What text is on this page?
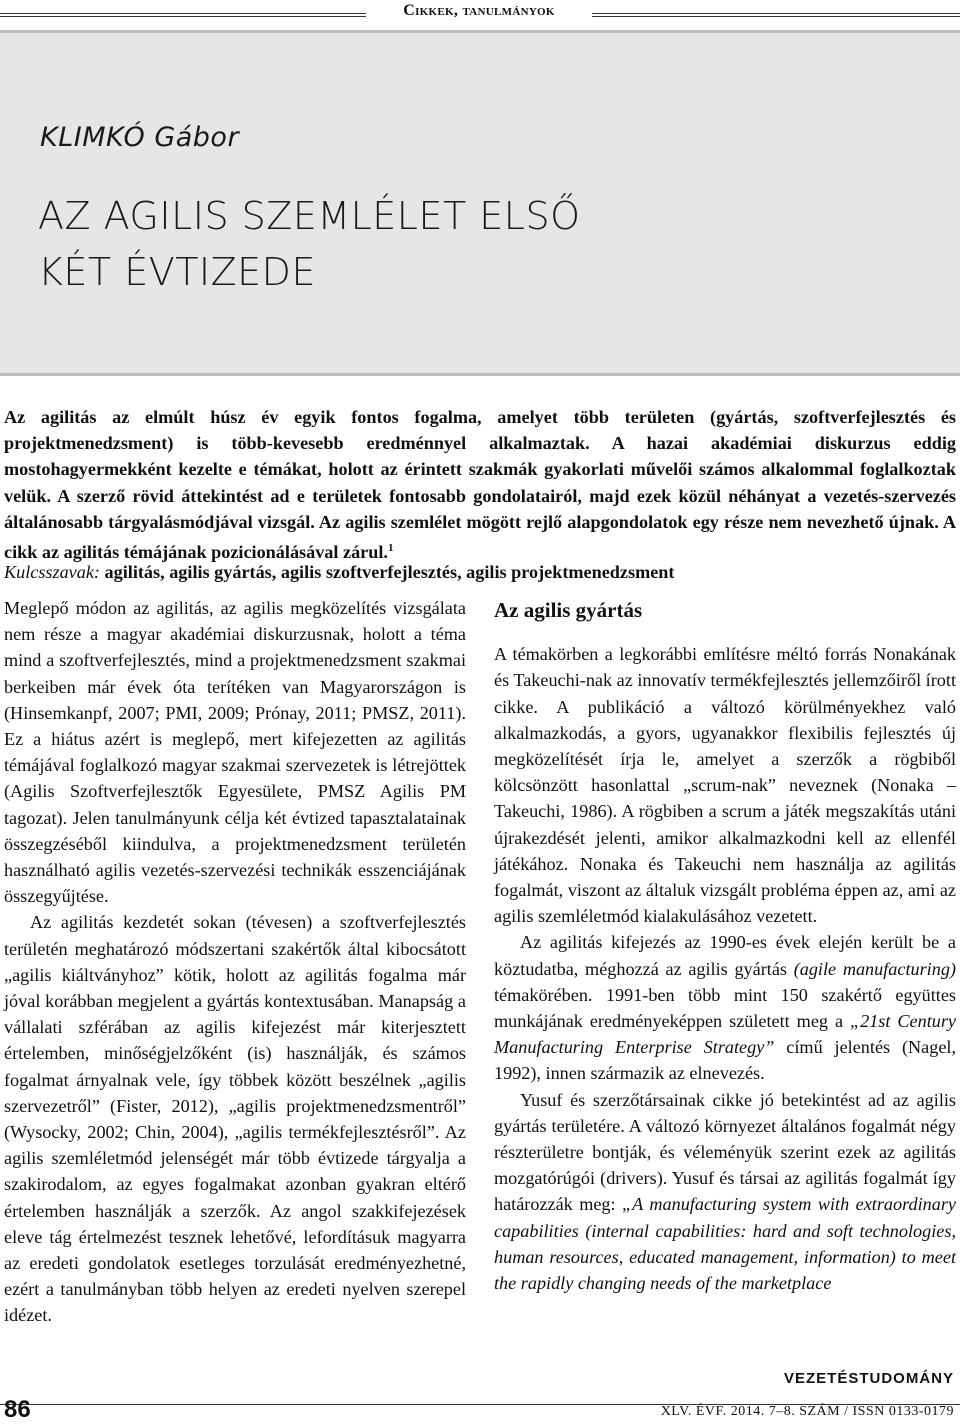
Cikkek, tanulmányok
KLIMKÓ Gábor
AZ AGILIS SZEMLÉLET ELSŐ
KÉT ÉVTIZEDE
Az agilitás az elmúlt húsz év egyik fontos fogalma, amelyet több területen (gyártás, szoftverfejlesztés és projektmenedzsment) is több-kevesebb eredménnyel alkalmaztak. A hazai akadémiai diskurzus eddig mostohagyermekként kezelte e témákat, holott az érintett szakmák gyakorlati művelői számos alkalommal foglalkoztak velük. A szerző rövid áttekintést ad e területek fontosabb gondolatairól, majd ezek közül néhányat a vezetés-szervezés általánosabb tárgyalásmódjával vizsgál. Az agilis szemlélet mögött rejlő alapgondolatok egy része nem nevezhető újnak. A cikk az agilitás témájának pozicionálásával zárul.$^1$
Kulcsszavak: agilitás, agilis gyártás, agilis szoftverfejlesztés, agilis projektmenedzsment

Meglepő módon az agilitás, az agilis megközelítés vizsgálata nem része a magyar akadémiai diskurzusnak, holott a téma mind a szoftverfejlesztés, mind a projektmenedzsment szakmai berkeiben már évek óta terítéken van Magyarországon is (Hinsemkanpf, 2007; PMI, 2009; Prónay, 2011; PMSZ, 2011). Ez a hiátus azért is meglepő, mert kifejezetten az agilitás témájával foglalkozó magyar szakmai szervezetek is létrejöttek (Agilis Szoftverfejlesztők Egyesülete, PMSZ Agilis PM tagozat). Jelen tanulmányunk célja két évtized tapasztalatainak összegzéséből kiindulva, a projektmenedzsment területén használható agilis vezetés-szervezési technikák esszenciájának összegyűjtése.

Az agilitás kezdetét sokan (tévesen) a szoftverfejlesztés területén meghatározó módszertani szakértők által kibocsátott „agilis kiáltványhoz” kötik, holott az agilitás fogalma már jóval korábban megjelent a gyártás kontextusában. Manapság a vállalati szférában az agilis kifejezést már kiterjesztett értelemben, minőségjelzőként (is) használják, és számos fogalmat árnyalnak vele, így többek között beszélnek „agilis szervezetről” (Fister, 2012), „agilis projektmenedzsmentről” (Wysocky, 2002; Chin, 2004), „agilis termékfejlesztésről”. Az agilis szemléletmód jelenségét már több évtizede tárgyalja a szakirodalom, az egyes fogalmakat azonban gyakran eltérő értelemben használják a szerzők. Az angol szakkifejezések eleve tág értelmezést tesznek lehetővé, lefordításuk magyarra az eredeti gondolatok esetleges torzulását eredményezhetné, ezért a tanulmányban több helyen az eredeti nyelven szerepel idézet.

Az agilis gyártás

A témakörben a legkorábbi említésre méltó forrás Nonakának és Takeuchi-nak az innovatív termékfejlesztés jellemzőiről írott cikke. A publikáció a változó körülményekhez való alkalmazkodás, a gyors, ugyanakkor flexibilis fejlesztés új megközelítését írja le, amelyet a szerzők a rögbiből kölcsönzött hasonlattal „scrum-nak” neveznek (Nonaka – Takeuchi, 1986). A rögbiben a scrum a játék megszakítás utáni újrakezdését jelenti, amikor alkalmazkodni kell az ellenfél játékához. Nonaka és Takeuchi nem használja az agilitás fogalmát, viszont az általuk vizsgált probléma éppen az, ami az agilis szemléletmód kialakulásához vezetett.

Az agilitás kifejezés az 1990-es évek elején került be a köztudatba, méghozzá az agilis gyártás (agile manufacturing) témakörében. 1991-ben több mint 150 szakértő együttes munkájának eredményeképpen született meg a „21st Century Manufacturing Enterprise Strategy” című jelentés (Nagel, 1992), innen származik az elnevezés.

Yusuf és szerzőtársainak cikke jó betekintést ad az agilis gyártás területére. A változó környezet általános fogalmát négy részterületre bontják, és véleményük szerint ezek az agilitás mozgatórúgói (drivers). Yusuf és társai az agilitás fogalmát így határozzák meg: „A manufacturing system with extraordinary capabilities (internal capabilities: hard and soft technologies, human resources, educated management, information) to meet the rapidly changing needs of the marketplace

VEZETÉSTUDOMÁNY
86	XLV. ÉVF. 2014. 7–8. SZÁM / ISSN 0133-0179
